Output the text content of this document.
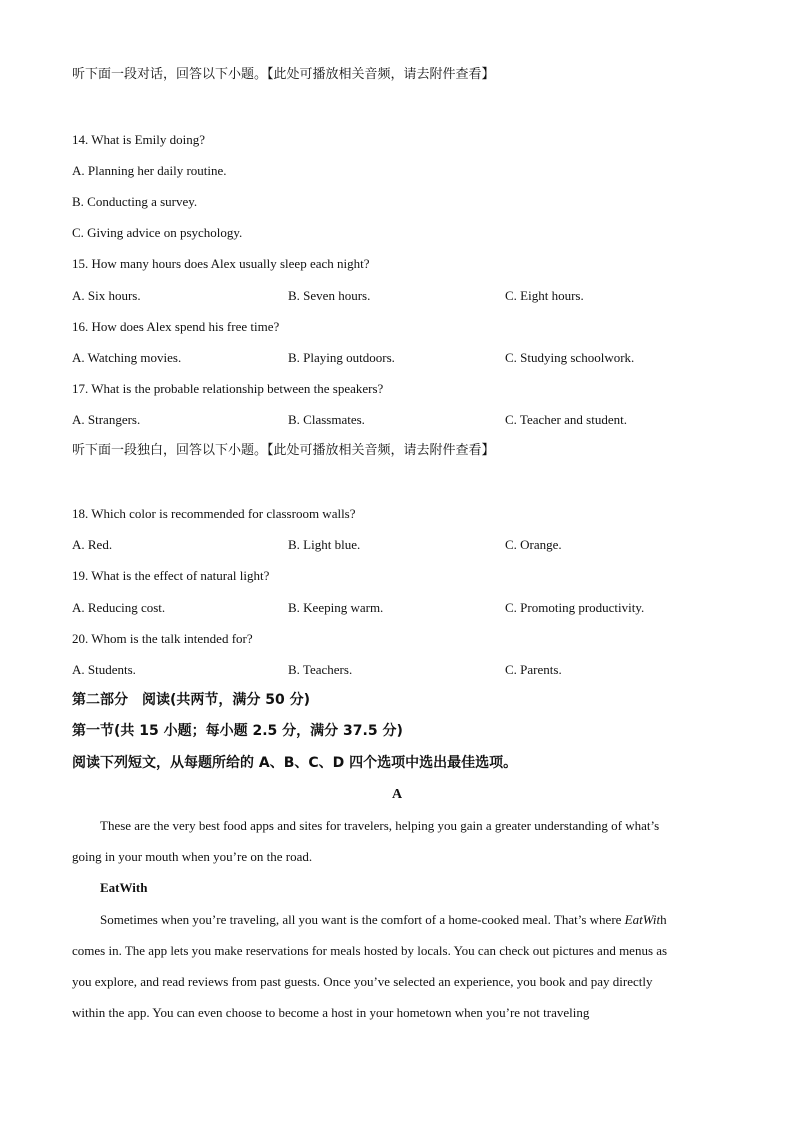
听下面一段对话，回答以下小题。【此处可播放相关音频，请去附件查看】
14. What is Emily doing?
A. Planning her daily routine.
B. Conducting a survey.
C. Giving advice on psychology.
15. How many hours does Alex usually sleep each night?
A. Six hours.	B. Seven hours.	C. Eight hours.
16. How does Alex spend his free time?
A. Watching movies.	B. Playing outdoors.	C. Studying schoolwork.
17. What is the probable relationship between the speakers?
A. Strangers.	B. Classmates.	C. Teacher and student.
听下面一段独白，回答以下小题。【此处可播放相关音频，请去附件查看】
18. Which color is recommended for classroom walls?
A. Red.	B. Light blue.	C. Orange.
19. What is the effect of natural light?
A. Reducing cost.	B. Keeping warm.	C. Promoting productivity.
20. Whom is the talk intended for?
A. Students.	B. Teachers.	C. Parents.
第二部分　阅读(共两节，满分 50 分)
第一节(共 15 小题；每小题 2.5 分，满分 37.5 分)
阅读下列短文，从每题所给的 A、B、C、D 四个选项中选出最佳选项。
A
These are the very best food apps and sites for travelers, helping you gain a greater understanding of what’s
going in your mouth when you’re on the road.
EatWith
Sometimes when you’re traveling, all you want is the comfort of a home-cooked meal. That’s where EatWith
comes in. The app lets you make reservations for meals hosted by locals. You can check out pictures and menus as
you explore, and read reviews from past guests. Once you’ve selected an experience, you book and pay directly
within the app. You can even choose to become a host in your hometown when you’re not traveling
